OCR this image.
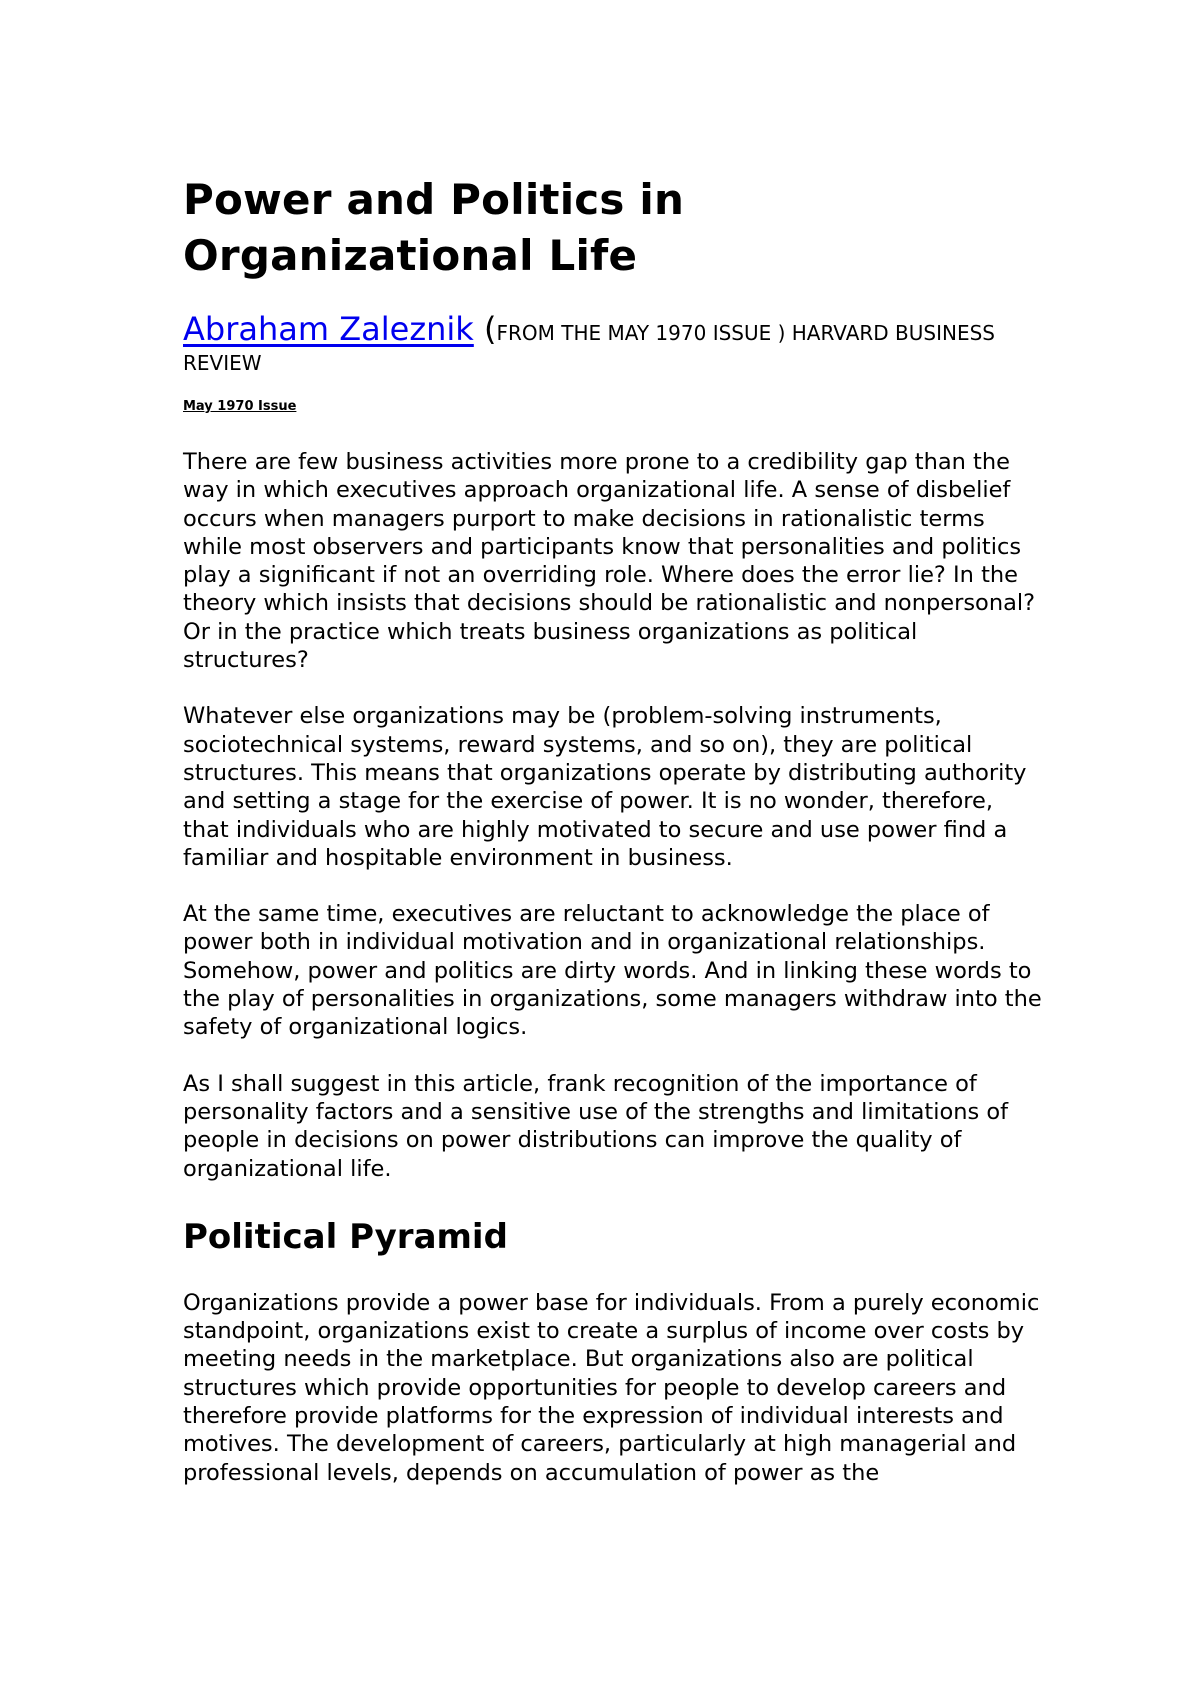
Power and Politics in Organizational Life
Abraham Zaleznik (FROM THE MAY 1970 ISSUE ) HARVARD BUSINESS REVIEW
May 1970 Issue

There are few business activities more prone to a credibility gap than the way in which executives approach organizational life. A sense of disbelief occurs when managers purport to make decisions in rationalistic terms while most observers and participants know that personalities and politics play a significant if not an overriding role. Where does the error lie? In the theory which insists that decisions should be rationalistic and nonpersonal? Or in the practice which treats business organizations as political structures?

Whatever else organizations may be (problem-solving instruments, sociotechnical systems, reward systems, and so on), they are political structures. This means that organizations operate by distributing authority and setting a stage for the exercise of power. It is no wonder, therefore, that individuals who are highly motivated to secure and use power find a familiar and hospitable environment in business.

At the same time, executives are reluctant to acknowledge the place of power both in individual motivation and in organizational relationships. Somehow, power and politics are dirty words. And in linking these words to the play of personalities in organizations, some managers withdraw into the safety of organizational logics.

As I shall suggest in this article, frank recognition of the importance of personality factors and a sensitive use of the strengths and limitations of people in decisions on power distributions can improve the quality of organizational life.

Political Pyramid

Organizations provide a power base for individuals. From a purely economic standpoint, organizations exist to create a surplus of income over costs by meeting needs in the marketplace. But organizations also are political structures which provide opportunities for people to develop careers and therefore provide platforms for the expression of individual interests and motives. The development of careers, particularly at high managerial and professional levels, depends on accumulation of power as the
